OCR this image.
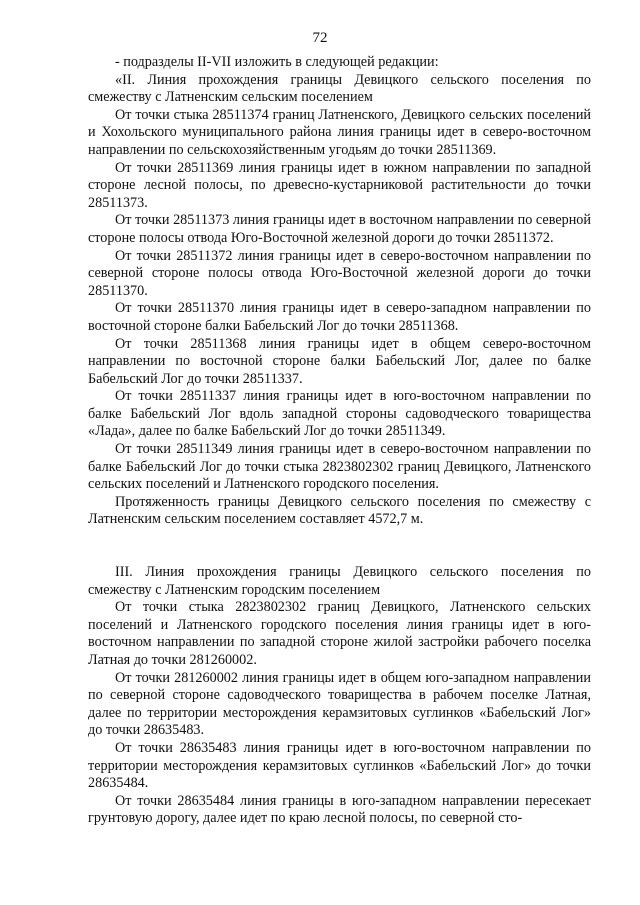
72

- подразделы II-VII изложить в следующей редакции:

«II. Линия прохождения границы Девицкого сельского поселения по смежеству с Латненским сельским поселением

От точки стыка 28511374 границ Латненского, Девицкого сельских поселений и Хохольского муниципального района линия границы идет в северо-восточном направлении по сельскохозяйственным угодьям до точки 28511369.

От точки 28511369 линия границы идет в южном направлении по западной стороне лесной полосы, по древесно-кустарниковой растительности до точки 28511373.

От точки 28511373 линия границы идет в восточном направлении по северной стороне полосы отвода Юго-Восточной железной дороги до точки 28511372.

От точки 28511372 линия границы идет в северо-восточном направлении по северной стороне полосы отвода Юго-Восточной железной дороги до точки 28511370.

От точки 28511370 линия границы идет в северо-западном направлении по восточной стороне балки Бабельский Лог до точки 28511368.

От точки 28511368 линия границы идет в общем северо-восточном направлении по восточной стороне балки Бабельский Лог, далее по балке Бабельский Лог до точки 28511337.

От точки 28511337 линия границы идет в юго-восточном направлении по балке Бабельский Лог вдоль западной стороны садоводческого товарищества «Лада», далее по балке Бабельский Лог до точки 28511349.

От точки 28511349 линия границы идет в северо-восточном направлении по балке Бабельский Лог до точки стыка 2823802302 границ Девицкого, Латненского сельских поселений и Латненского городского поселения.

Протяженность границы Девицкого сельского поселения по смежеству с Латненским сельским поселением составляет 4572,7 м.

III. Линия прохождения границы Девицкого сельского поселения по смежеству с Латненским городским поселением

От точки стыка 2823802302 границ Девицкого, Латненского сельских поселений и Латненского городского поселения линия границы идет в юго-восточном направлении по западной стороне жилой застройки рабочего поселка Латная до точки 281260002.

От точки 281260002 линия границы идет в общем юго-западном направлении по северной стороне садоводческого товарищества в рабочем поселке Латная, далее по территории месторождения керамзитовых суглинков «Бабельский Лог» до точки 28635483.

От точки 28635483 линия границы идет в юго-восточном направлении по территории месторождения керамзитовых суглинков «Бабельский Лог» до точки 28635484.

От точки 28635484 линия границы в юго-западном направлении пересекает грунтовую дорогу, далее идет по краю лесной полосы, по северной сто-
